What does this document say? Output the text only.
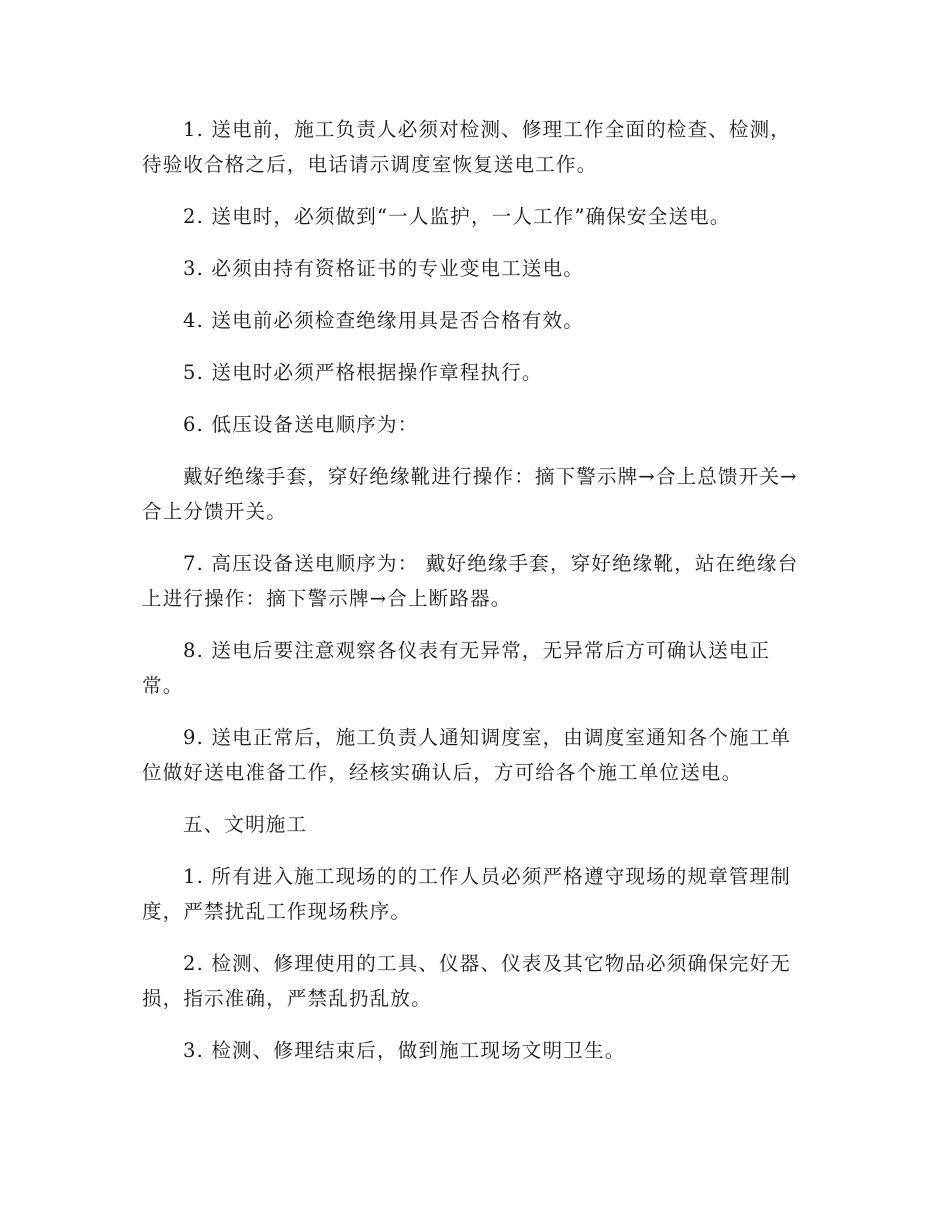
1. 送电前，施工负责人必须对检测、修理工作全面的检查、检测，待验收合格之后，电话请示调度室恢复送电工作。

2. 送电时，必须做到“一人监护，一人工作”确保安全送电。

3. 必须由持有资格证书的专业变电工送电。

4. 送电前必须检查绝缘用具是否合格有效。

5. 送电时必须严格根据操作章程执行。

6. 低压设备送电顺序为：

戴好绝缘手套，穿好绝缘靴进行操作：摘下警示牌→合上总馈开关→合上分馈开关。

7. 高压设备送电顺序为： 戴好绝缘手套，穿好绝缘靴，站在绝缘台上进行操作：摘下警示牌→合上断路器。

8. 送电后要注意观察各仪表有无异常，无异常后方可确认送电正常。

9. 送电正常后，施工负责人通知调度室，由调度室通知各个施工单位做好送电准备工作，经核实确认后，方可给各个施工单位送电。

五、文明施工

1. 所有进入施工现场的的工作人员必须严格遵守现场的规章管理制度，严禁扰乱工作现场秩序。

2. 检测、修理使用的工具、仪器、仪表及其它物品必须确保完好无损，指示准确，严禁乱扔乱放。

3. 检测、修理结束后，做到施工现场文明卫生。
